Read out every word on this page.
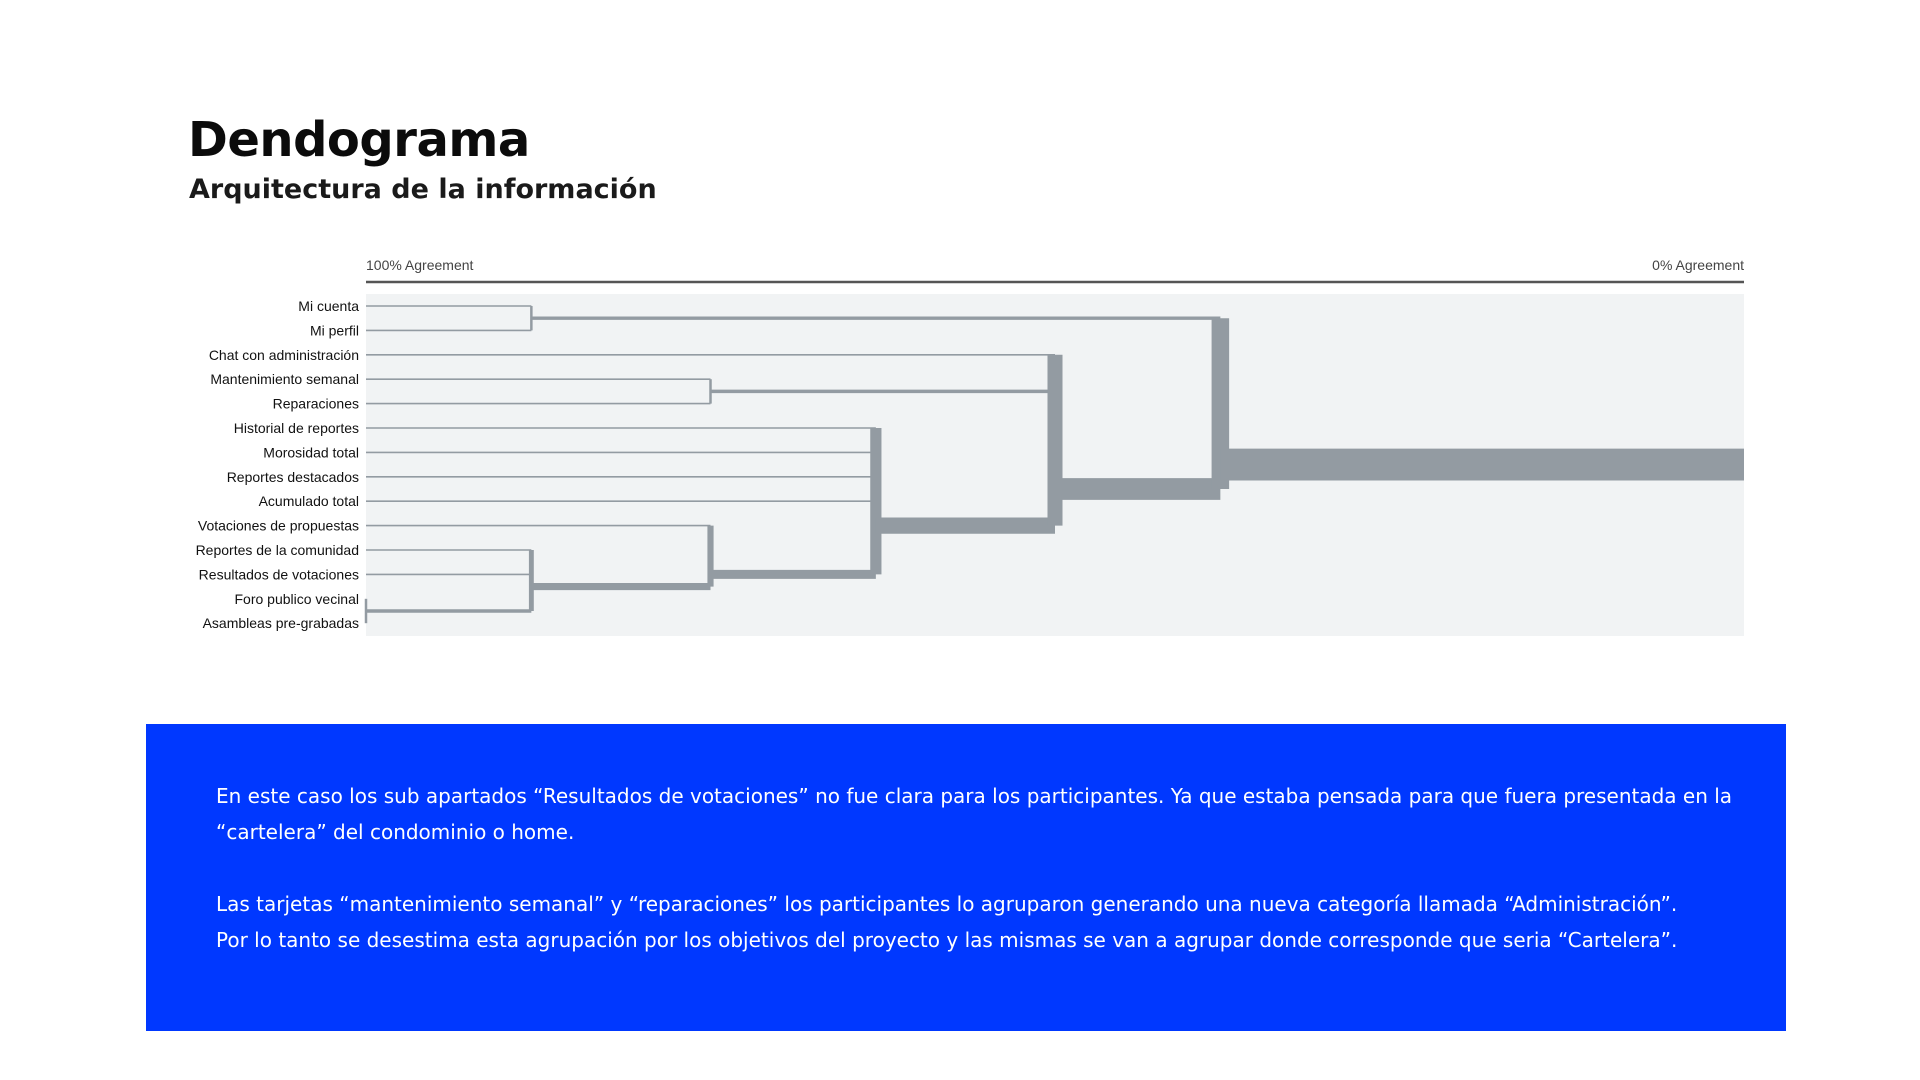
Dendograma
Arquitectura de la información
100% Agreement	0% Agreement
Mi cuenta
Mi perfil
Chat con administración
Mantenimiento semanal
Reparaciones
Historial de reportes
Morosidad total
Reportes destacados
Acumulado total
Votaciones de propuestas
Reportes de la comunidad
Resultados de votaciones
Foro publico vecinal
Asambleas pre-grabadas

En este caso los sub apartados “Resultados de votaciones” no fue clara para los participantes. Ya que estaba pensada para que fuera presentada en la
“cartelera” del condominio o home.

Las tarjetas “mantenimiento semanal” y “reparaciones” los participantes lo agruparon generando una nueva categoría llamada “Administración”.
Por lo tanto se desestima esta agrupación por los objetivos del proyecto y las mismas se van a agrupar donde corresponde que seria “Cartelera”.
